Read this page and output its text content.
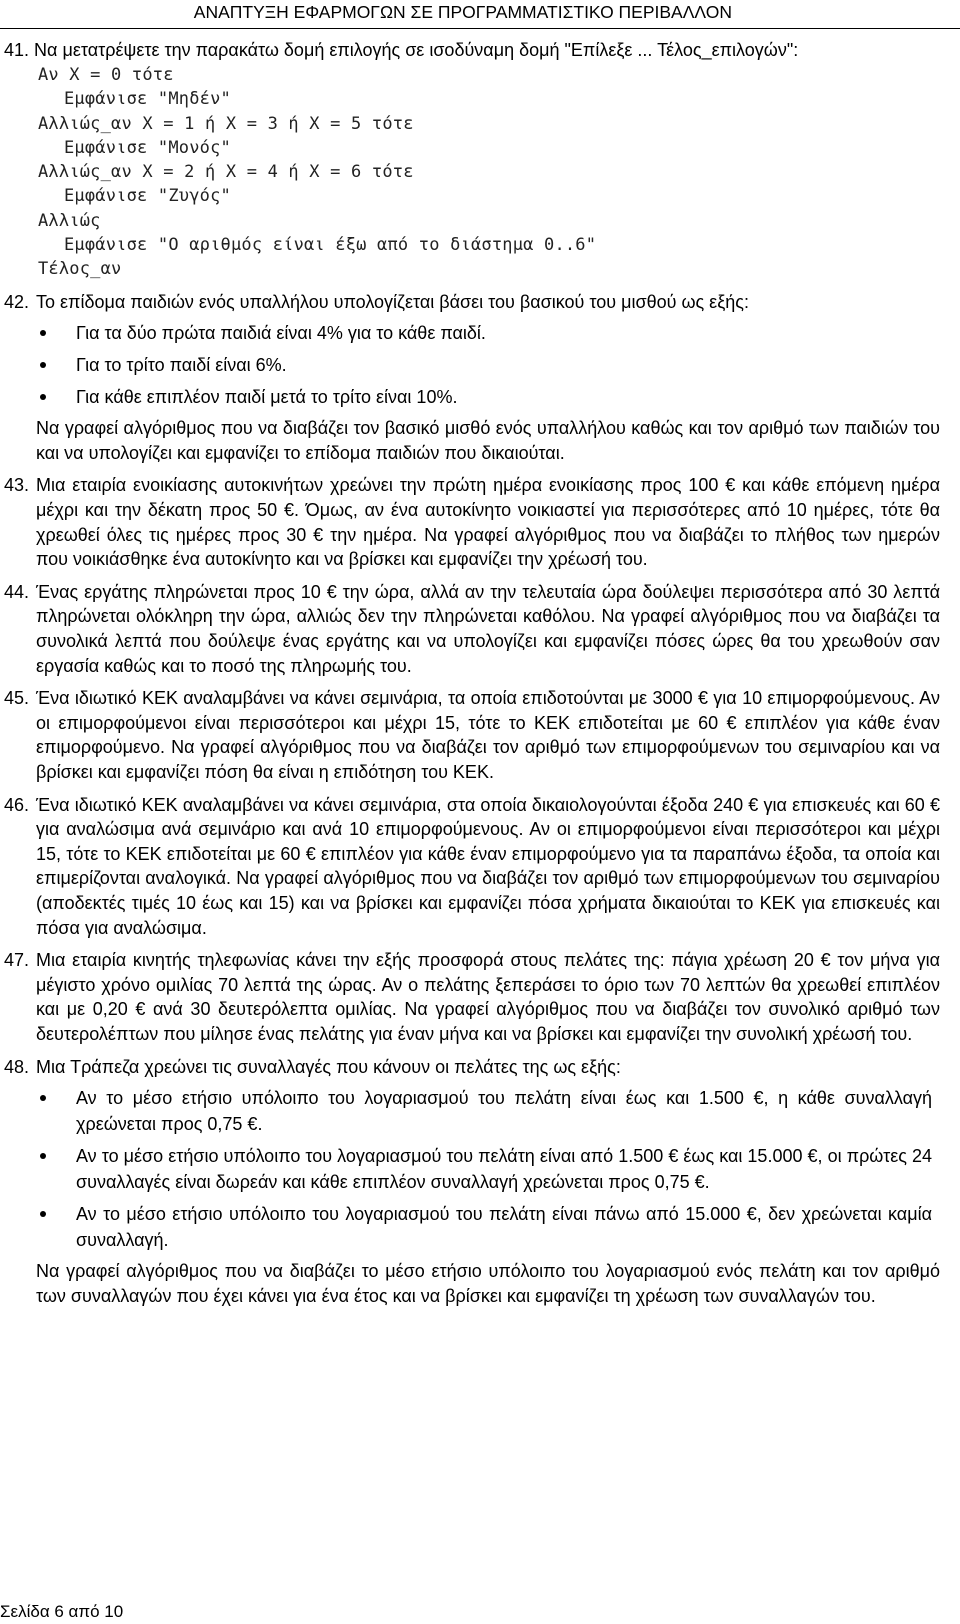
ΑΝΑΠΤΥΞΗ ΕΦΑΡΜΟΓΩΝ ΣΕ ΠΡΟΓΡΑΜΜΑΤΙΣΤΙΚΟ ΠΕΡΙΒΑΛΛΟΝ
41. Να μετατρέψετε την παρακάτω δομή επιλογής σε ισοδύναμη δομή "Επίλεξε ... Τέλος_επιλογών":
Αν Χ = 0 τότε
Εμφάνισε "Μηδέν"
Αλλιώς_αν Χ = 1 ή Χ = 3 ή Χ = 5 τότε
Εμφάνισε "Μονός"
Αλλιώς_αν Χ = 2 ή Χ = 4 ή Χ = 6 τότε
Εμφάνισε "Ζυγός"
Αλλιώς
Εμφάνισε "Ο αριθμός είναι έξω από το διάστημα 0..6"
Τέλος_αν
42. Το επίδομα παιδιών ενός υπαλλήλου υπολογίζεται βάσει του βασικού του μισθού ως εξής:
Για τα δύο πρώτα παιδιά είναι 4% για το κάθε παιδί.
Για το τρίτο παιδί είναι 6%.
Για κάθε επιπλέον παιδί μετά το τρίτο είναι 10%.
Να γραφεί αλγόριθμος που να διαβάζει τον βασικό μισθό ενός υπαλλήλου καθώς και τον αριθμό των παιδιών του και να υπολογίζει και εμφανίζει το επίδομα παιδιών που δικαιούται.
43. Μια εταιρία ενοικίασης αυτοκινήτων χρεώνει την πρώτη ημέρα ενοικίασης προς 100 € και κάθε επόμενη ημέρα μέχρι και την δέκατη προς 50 €. Όμως, αν ένα αυτοκίνητο νοικιαστεί για περισσότερες από 10 ημέρες, τότε θα χρεωθεί όλες τις ημέρες προς 30 € την ημέρα. Να γραφεί αλγόριθμος που να διαβάζει το πλήθος των ημερών που νοικιάσθηκε ένα αυτοκίνητο και να βρίσκει και εμφανίζει την χρέωσή του.
44. Ένας εργάτης πληρώνεται προς 10 € την ώρα, αλλά αν την τελευταία ώρα δούλεψει περισσότερα από 30 λεπτά πληρώνεται ολόκληρη την ώρα, αλλιώς δεν την πληρώνεται καθόλου. Να γραφεί αλγόριθμος που να διαβάζει τα συνολικά λεπτά που δούλεψε ένας εργάτης και να υπολογίζει και εμφανίζει πόσες ώρες θα του χρεωθούν σαν εργασία καθώς και το ποσό της πληρωμής του.
45. Ένα ιδιωτικό ΚΕΚ αναλαμβάνει να κάνει σεμινάρια, τα οποία επιδοτούνται με 3000 € για 10 επιμορφούμενους. Αν οι επιμορφούμενοι είναι περισσότεροι και μέχρι 15, τότε το ΚΕΚ επιδοτείται με 60 € επιπλέον για κάθε έναν επιμορφούμενο. Να γραφεί αλγόριθμος που να διαβάζει τον αριθμό των επιμορφούμενων του σεμιναρίου και να βρίσκει και εμφανίζει πόση θα είναι η επιδότηση του ΚΕΚ.
46. Ένα ιδιωτικό ΚΕΚ αναλαμβάνει να κάνει σεμινάρια, στα οποία δικαιολογούνται έξοδα 240 € για επισκευές και 60 € για αναλώσιμα ανά σεμινάριο και ανά 10 επιμορφούμενους. Αν οι επιμορφούμενοι είναι περισσότεροι και μέχρι 15, τότε το ΚΕΚ επιδοτείται με 60 € επιπλέον για κάθε έναν επιμορφούμενο για τα παραπάνω έξοδα, τα οποία και επιμερίζονται αναλογικά. Να γραφεί αλγόριθμος που να διαβάζει τον αριθμό των επιμορφούμενων του σεμιναρίου (αποδεκτές τιμές 10 έως και 15) και να βρίσκει και εμφανίζει πόσα χρήματα δικαιούται το ΚΕΚ για επισκευές και πόσα για αναλώσιμα.
47. Μια εταιρία κινητής τηλεφωνίας κάνει την εξής προσφορά στους πελάτες της: πάγια χρέωση 20 € τον μήνα για μέγιστο χρόνο ομιλίας 70 λεπτά της ώρας. Αν ο πελάτης ξεπεράσει το όριο των 70 λεπτών θα χρεωθεί επιπλέον και με 0,20 € ανά 30 δευτερόλεπτα ομιλίας. Να γραφεί αλγόριθμος που να διαβάζει τον συνολικό αριθμό των δευτερολέπτων που μίλησε ένας πελάτης για έναν μήνα και να βρίσκει και εμφανίζει την συνολική χρέωσή του.
48. Μια Τράπεζα χρεώνει τις συναλλαγές που κάνουν οι πελάτες της ως εξής:
Αν το μέσο ετήσιο υπόλοιπο του λογαριασμού του πελάτη είναι έως και 1.500 €, η κάθε συναλλαγή χρεώνεται προς 0,75 €.
Αν το μέσο ετήσιο υπόλοιπο του λογαριασμού του πελάτη είναι από 1.500 € έως και 15.000 €, οι πρώτες 24 συναλλαγές είναι δωρεάν και κάθε επιπλέον συναλλαγή χρεώνεται προς 0,75 €.
Αν το μέσο ετήσιο υπόλοιπο του λογαριασμού του πελάτη είναι πάνω από 15.000 €, δεν χρεώνεται καμία συναλλαγή.
Να γραφεί αλγόριθμος που να διαβάζει το μέσο ετήσιο υπόλοιπο του λογαριασμού ενός πελάτη και τον αριθμό των συναλλαγών που έχει κάνει για ένα έτος και να βρίσκει και εμφανίζει τη χρέωση των συναλλαγών του.
Σελίδα 6 από 10
